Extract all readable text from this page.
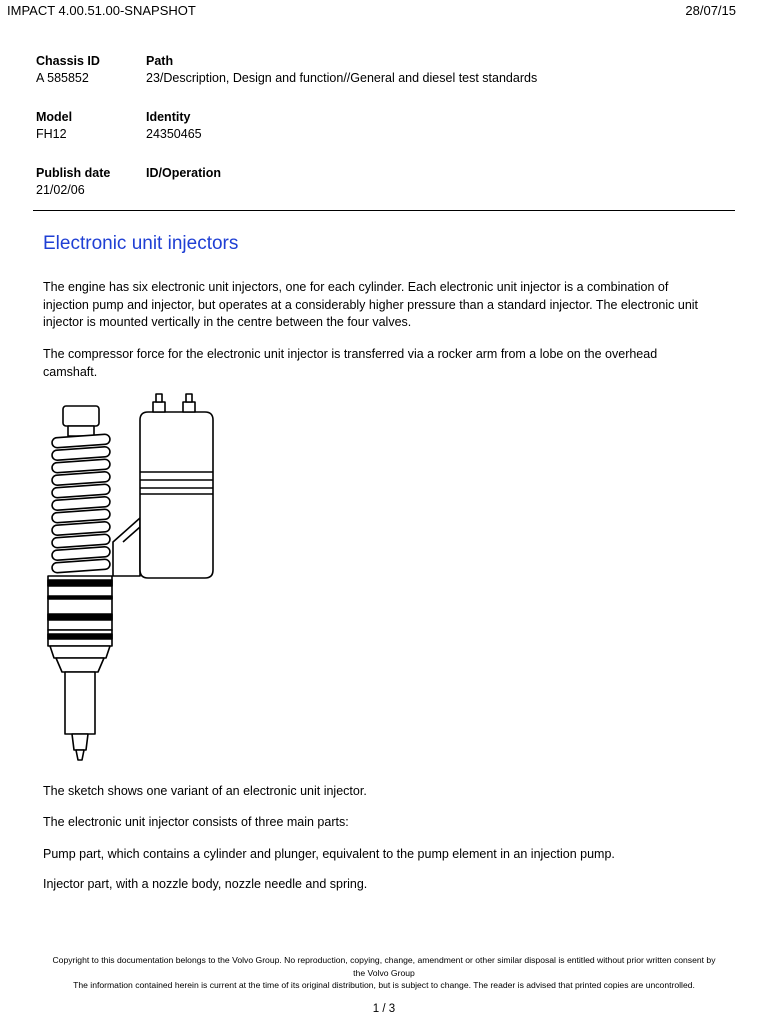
IMPACT 4.00.51.00-SNAPSHOT	28/07/15
Chassis ID
A 585852
Path
23/Description, Design and function//General and diesel test standards
Model
FH12
Identity
24350465
Publish date
21/02/06
ID/Operation
Electronic unit injectors
The engine has six electronic unit injectors, one for each cylinder. Each electronic unit injector is a combination of
injection pump and injector, but operates at a considerably higher pressure than a standard injector. The electronic unit
injector is mounted vertically in the centre between the four valves.
The compressor force for the electronic unit injector is transferred via a rocker arm from a lobe on the overhead
camshaft.
The sketch shows one variant of an electronic unit injector.
The electronic unit injector consists of three main parts:
Pump part, which contains a cylinder and plunger, equivalent to the pump element in an injection pump.
Injector part, with a nozzle body, nozzle needle and spring.
Copyright to this documentation belongs to the Volvo Group. No reproduction, copying, change, amendment or other similar disposal is entitled without prior written consent by
the Volvo Group
The information contained herein is current at the time of its original distribution, but is subject to change. The reader is advised that printed copies are uncontrolled.
1 / 3
